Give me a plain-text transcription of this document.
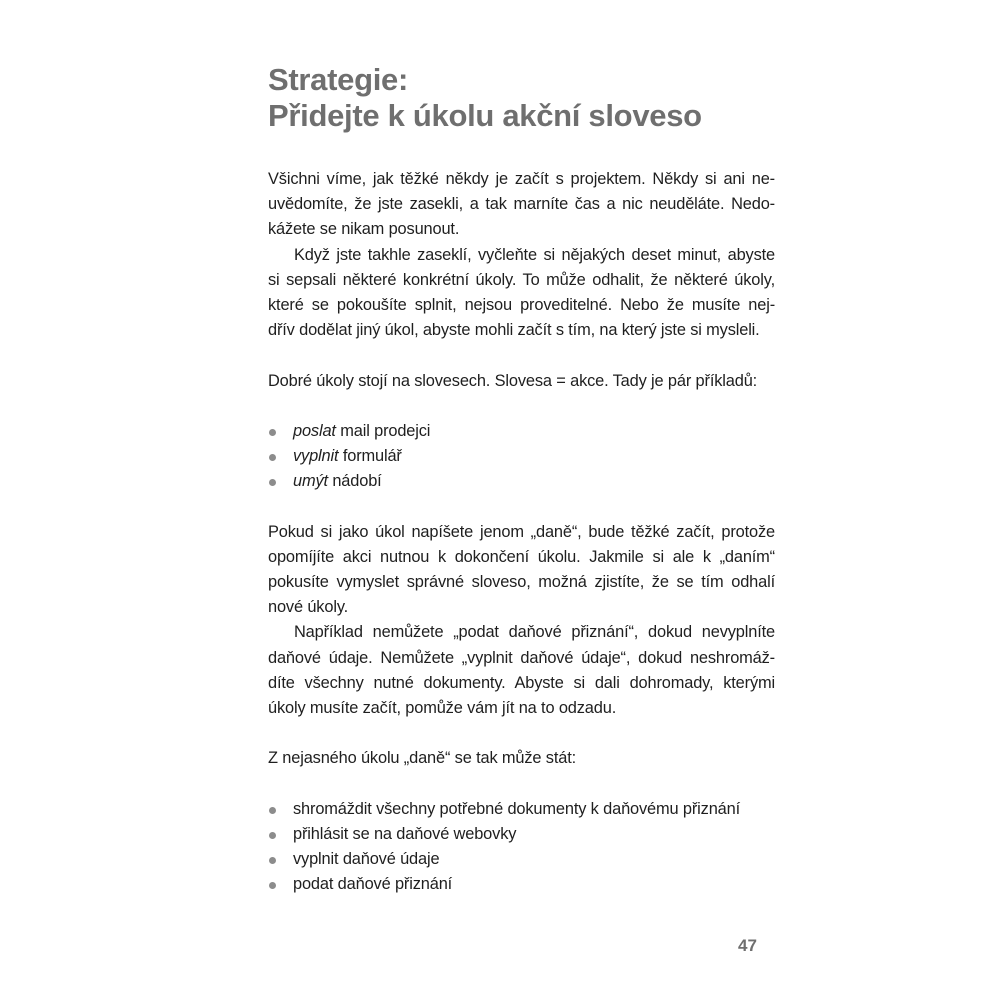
Strategie:
Přidejte k úkolu akční sloveso
Všichni víme, jak těžké někdy je začít s projektem. Někdy si ani ne-
uvědomíte, že jste zasekli, a tak marníte čas a nic neuděláte. Nedo-
kážete se nikam posunout.
Když jste takhle zaseklí, vyčleňte si nějakých deset minut, abyste
si sepsali některé konkrétní úkoly. To může odhalit, že některé úkoly,
které se pokoušíte splnit, nejsou proveditelné. Nebo že musíte nej-
dřív dodělat jiný úkol, abyste mohli začít s tím, na který jste si mysleli.
Dobré úkoly stojí na slovesech. Slovesa = akce. Tady je pár příkladů:
poslat mail prodejci
vyplnit formulář
umýt nádobí
Pokud si jako úkol napíšete jenom „daně“, bude těžké začít, protože
opomíjíte akci nutnou k dokončení úkolu. Jakmile si ale k „daním“
pokusíte vymyslet správné sloveso, možná zjistíte, že se tím odhalí
nové úkoly.
Například nemůžete „podat daňové přiznání“, dokud nevyplníte
daňové údaje. Nemůžete „vyplnit daňové údaje“, dokud neshromáž-
díte všechny nutné dokumenty. Abyste si dali dohromady, kterými
úkoly musíte začít, pomůže vám jít na to odzadu.
Z nejasného úkolu „daně“ se tak může stát:
shromáždit všechny potřebné dokumenty k daňovému přiznání
přihlásit se na daňové webovky
vyplnit daňové údaje
podat daňové přiznání
47
